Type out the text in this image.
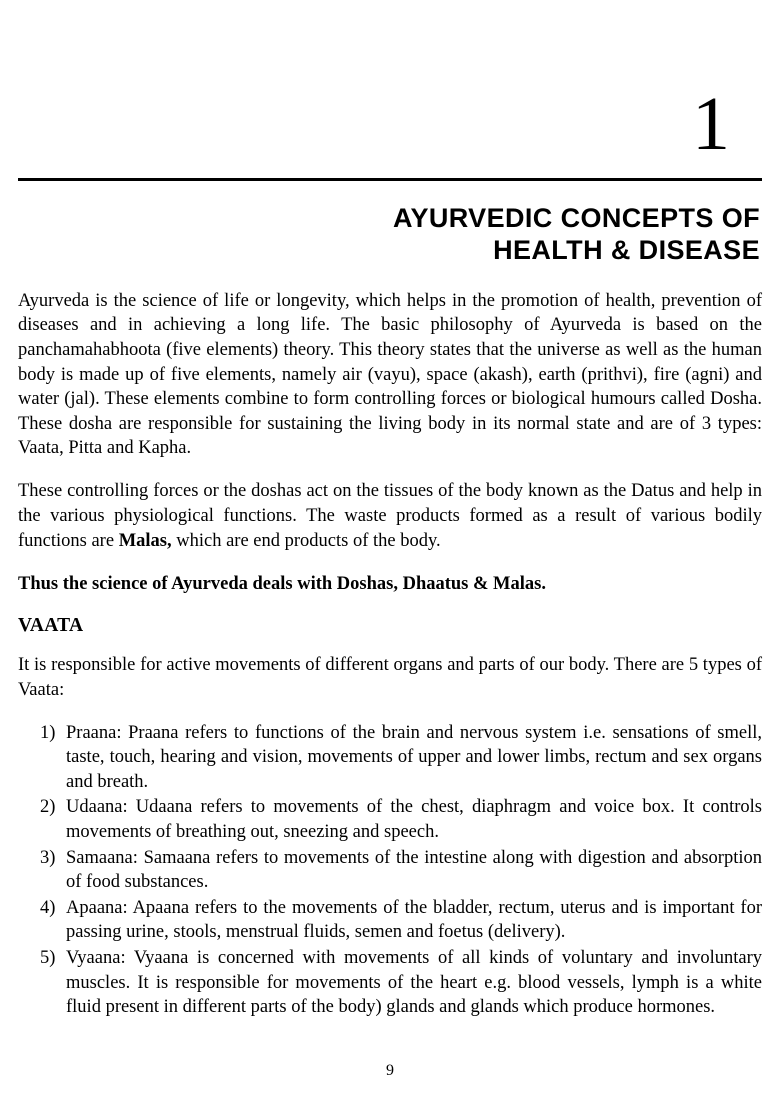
1
AYURVEDIC CONCEPTS OF
HEALTH & DISEASE

Ayurveda is the science of life or longevity, which helps in the promotion of health, prevention of diseases and in achieving a long life. The basic philosophy of Ayurveda is based on the panchamahabhoota (five elements) theory. This theory states that the universe as well as the human body is made up of five elements, namely air (vayu), space (akash), earth (prithvi), fire (agni) and water (jal). These elements combine to form controlling forces or biological humours called Dosha. These dosha are responsible for sustaining the living body in its normal state and are of 3 types: Vaata, Pitta and Kapha.

These controlling forces or the doshas act on the tissues of the body known as the Datus and help in the various physiological functions. The waste products formed as a result of various bodily functions are Malas, which are end products of the body.

Thus the science of Ayurveda deals with Doshas, Dhaatus & Malas.

VAATA

It is responsible for active movements of different organs and parts of our body. There are 5 types of Vaata:

1) Praana: Praana refers to functions of the brain and nervous system i.e. sensations of smell, taste, touch, hearing and vision, movements of upper and lower limbs, rectum and sex organs and breath.
2) Udaana: Udaana refers to movements of the chest, diaphragm and voice box. It controls movements of breathing out, sneezing and speech.
3) Samaana: Samaana refers to movements of the intestine along with digestion and absorption of food substances.
4) Apaana: Apaana refers to the movements of the bladder, rectum, uterus and is important for passing urine, stools, menstrual fluids, semen and foetus (delivery).
5) Vyaana: Vyaana is concerned with movements of all kinds of voluntary and involuntary muscles. It is responsible for movements of the heart e.g. blood vessels, lymph is a white fluid present in different parts of the body) glands and glands which produce hormones.
9
